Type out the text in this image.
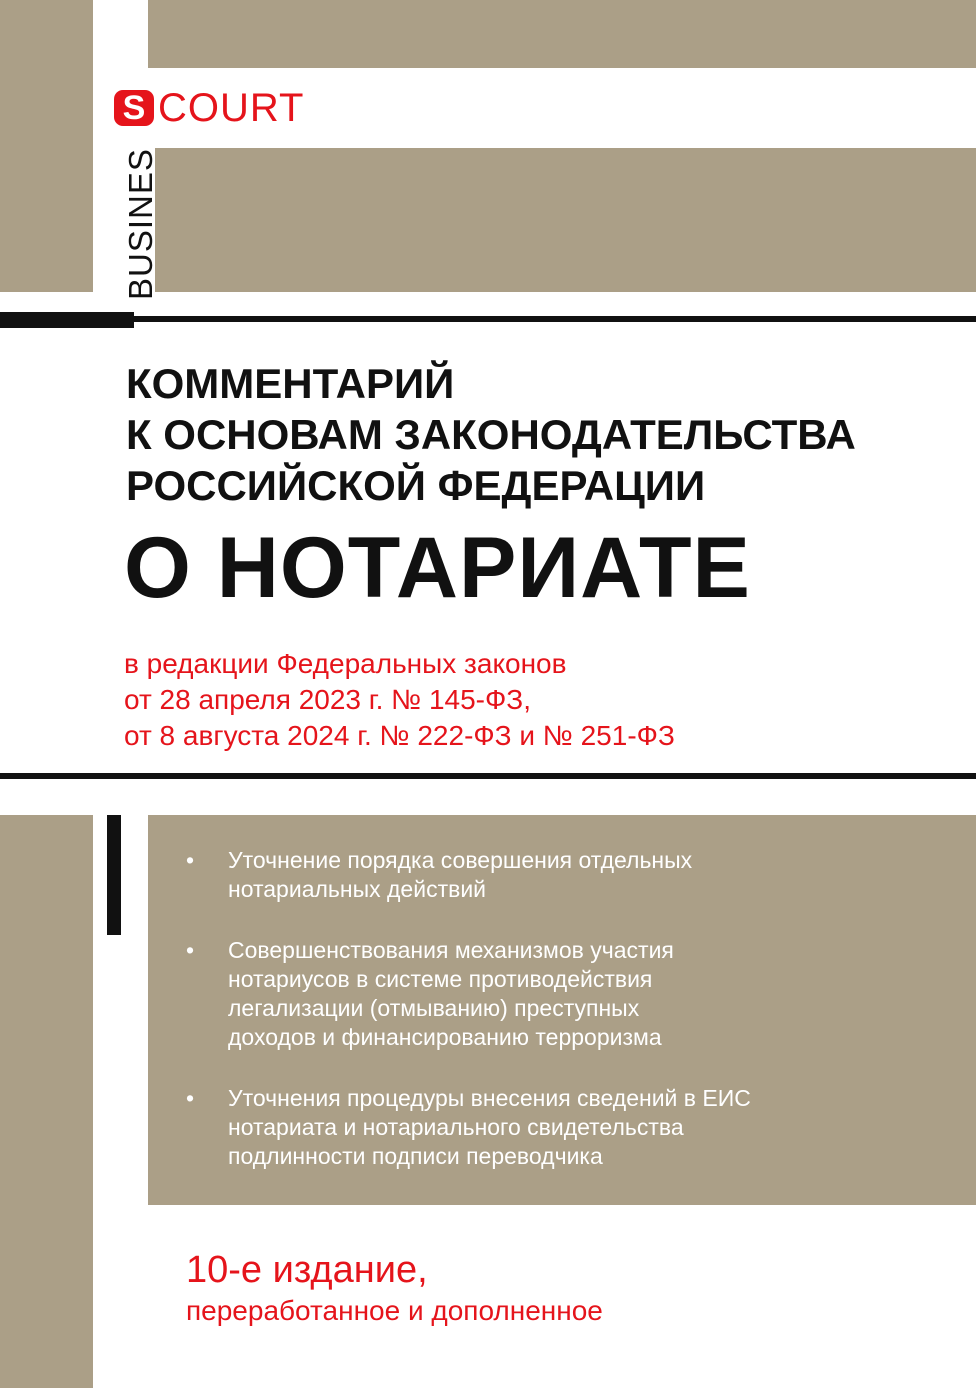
S COURT
BUSINES
КОММЕНТАРИЙ
К ОСНОВАМ ЗАКОНОДАТЕЛЬСТВА
РОССИЙСКОЙ ФЕДЕРАЦИИ
О НОТАРИАТЕ
в редакции Федеральных законов
от 28 апреля 2023 г. № 145-ФЗ,
от 8 августа 2024 г. № 222-ФЗ и № 251-ФЗ
• Уточнение порядка совершения отдельных
нотариальных действий
• Совершенствования механизмов участия
нотариусов в системе противодействия
легализации (отмыванию) преступных
доходов и финансированию терроризма
• Уточнения процедуры внесения сведений в ЕИС
нотариата и нотариального свидетельства
подлинности подписи переводчика
10-е издание,
переработанное и дополненное
